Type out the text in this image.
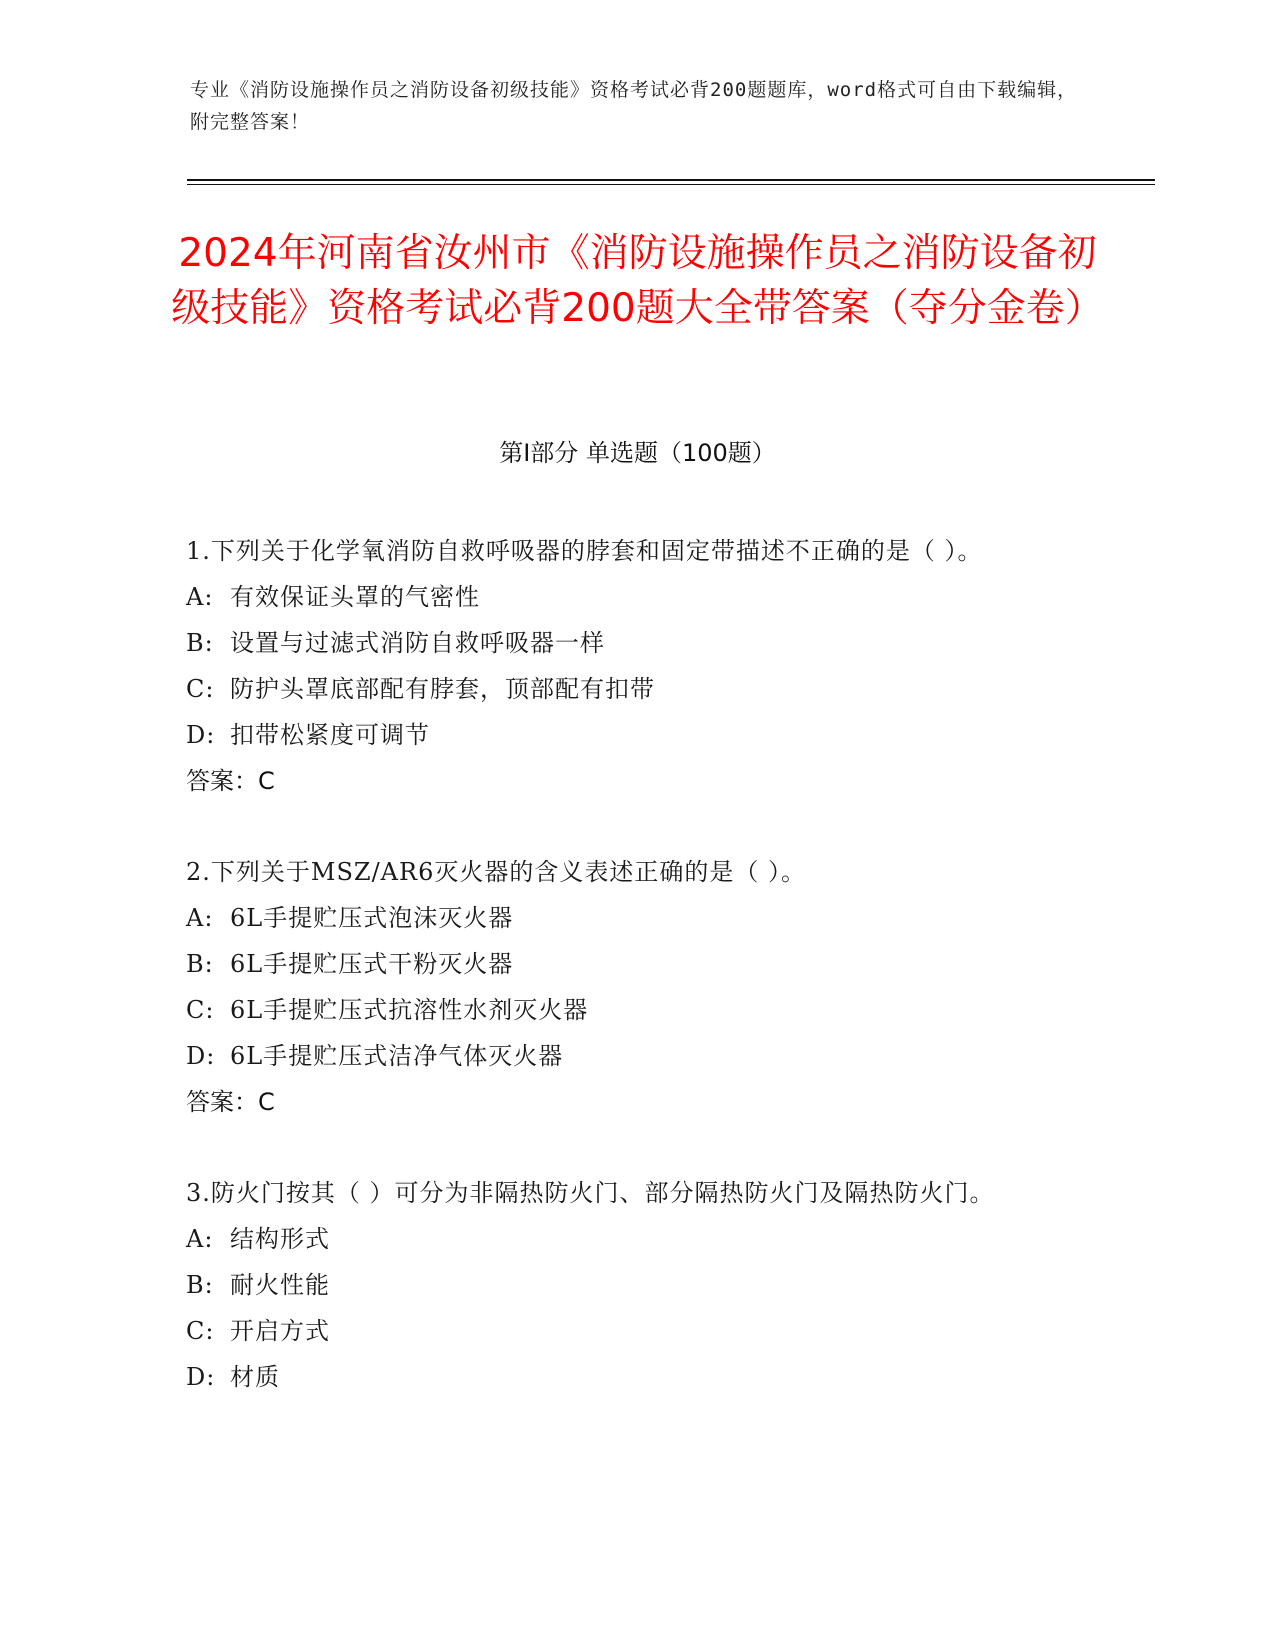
专业《消防设施操作员之消防设备初级技能》资格考试必背200题题库，word格式可自由下载编辑，附完整答案！
2024年河南省汝州市《消防设施操作员之消防设备初级技能》资格考试必背200题大全带答案（夺分金卷）
第Ⅰ部分 单选题（100题）
1.下列关于化学氧消防自救呼吸器的脖套和固定带描述不正确的是（ ）。
A: 有效保证头罩的气密性
B: 设置与过滤式消防自救呼吸器一样
C: 防护头罩底部配有脖套，顶部配有扣带
D: 扣带松紧度可调节
答案：C
2.下列关于MSZ/AR6灭火器的含义表述正确的是（ ）。
A: 6L手提贮压式泡沫灭火器
B: 6L手提贮压式干粉灭火器
C: 6L手提贮压式抗溶性水剂灭火器
D: 6L手提贮压式洁净气体灭火器
答案：C
3.防火门按其（ ）可分为非隔热防火门、部分隔热防火门及隔热防火门。
A: 结构形式
B: 耐火性能
C: 开启方式
D: 材质
